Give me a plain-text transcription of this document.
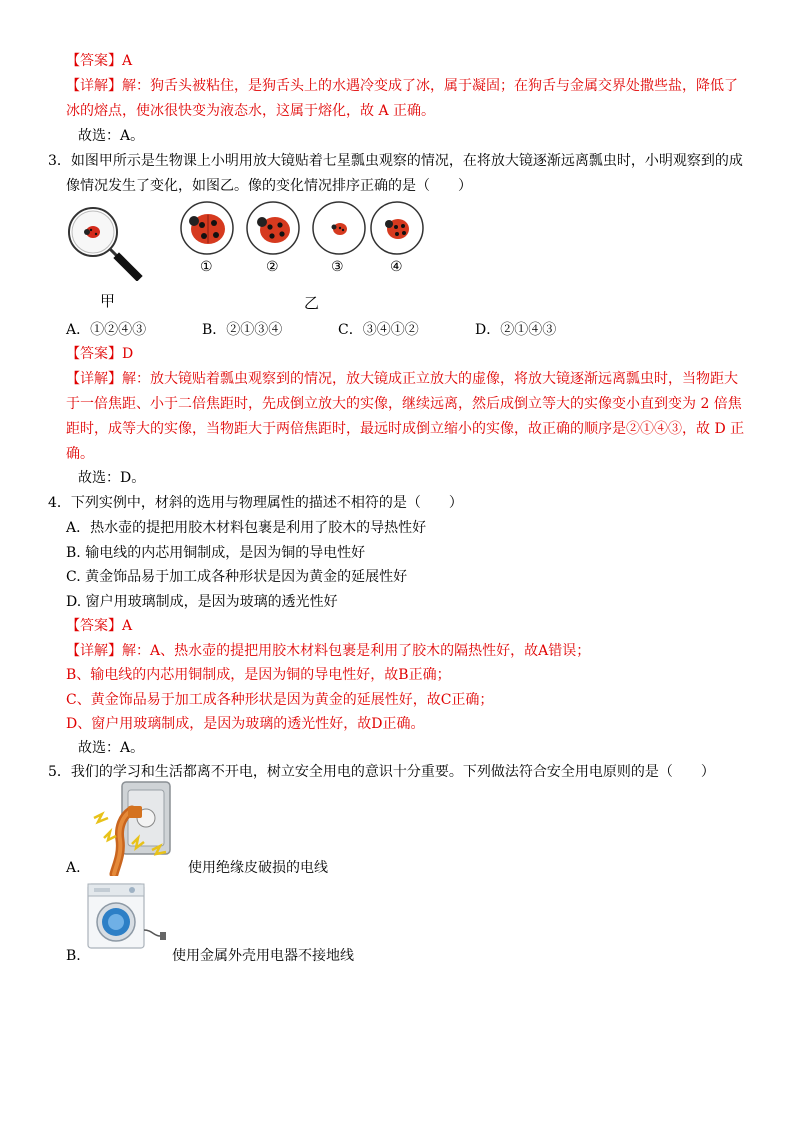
【答案】A
【详解】解：狗舌头被粘住，是狗舌头上的水遇冷变成了冰，属于凝固；在狗舌与金属交界处撒些盐，降低了
冰的熔点，使冰很快变为液态水，这属于熔化，故 A 正确。
故选：A。
3．如图甲所示是生物课上小明用放大镜贴着七星瓢虫观察的情况，在将放大镜逐渐远离瓢虫时，小明观察到的成
像情况发生了变化，如图乙。像的变化情况排序正确的是（　　）
甲
①	②	③	④
乙
A．①②④③	B．②①③④	C．③④①②	D．②①④③
【答案】D
【详解】解：放大镜贴着瓢虫观察到的情况，放大镜成正立放大的虚像，将放大镜逐渐远离瓢虫时，当物距大
于一倍焦距、小于二倍焦距时，先成倒立放大的实像，继续远离，然后成倒立等大的实像变小直到变为 2 倍焦
距时，成等大的实像，当物距大于两倍焦距时，最远时成倒立缩小的实像，故正确的顺序是②①④③，故 D 正
确。
故选：D。
4．下列实例中，材斜的选用与物理属性的描述不相符的是（　　）
A．热水壶的提把用胶木材料包裹是利用了胶木的导热性好
B. 输电线的内芯用铜制成，是因为铜的导电性好
C. 黄金饰品易于加工成各种形状是因为黄金的延展性好
D. 窗户用玻璃制成，是因为玻璃的透光性好
【答案】A
【详解】解：A、热水壶的提把用胶木材料包裹是利用了胶木的隔热性好，故A错误；
B、输电线的内芯用铜制成，是因为铜的导电性好，故B正确；
C、黄金饰品易于加工成各种形状是因为黄金的延展性好，故C正确；
D、窗户用玻璃制成，是因为玻璃的透光性好，故D正确。
故选：A。
5．我们的学习和生活都离不开电，树立安全用电的意识十分重要。下列做法符合安全用电原则的是（　　）
A.	使用绝缘皮破损的电线
B.	使用金属外壳用电器不接地线
